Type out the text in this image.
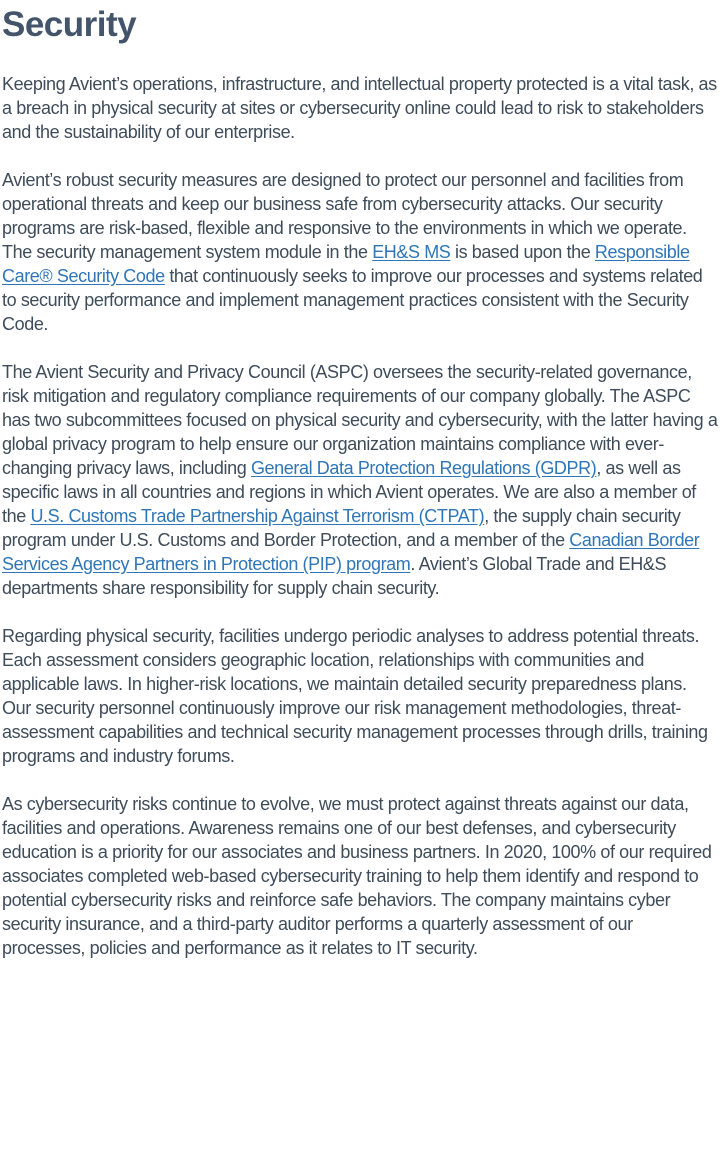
Security

Keeping Avient’s operations, infrastructure, and intellectual property protected is a vital task, as a breach in physical security at sites or cybersecurity online could lead to risk to stakeholders and the sustainability of our enterprise.

Avient’s robust security measures are designed to protect our personnel and facilities from operational threats and keep our business safe from cybersecurity attacks. Our security programs are risk-based, flexible and responsive to the environments in which we operate. The security management system module in the EH&S MS is based upon the Responsible Care® Security Code that continuously seeks to improve our processes and systems related to security performance and implement management practices consistent with the Security Code.

The Avient Security and Privacy Council (ASPC) oversees the security-related governance, risk mitigation and regulatory compliance requirements of our company globally. The ASPC has two subcommittees focused on physical security and cybersecurity, with the latter having a global privacy program to help ensure our organization maintains compliance with ever-changing privacy laws, including General Data Protection Regulations (GDPR), as well as specific laws in all countries and regions in which Avient operates. We are also a member of the U.S. Customs Trade Partnership Against Terrorism (CTPAT), the supply chain security program under U.S. Customs and Border Protection, and a member of the Canadian Border Services Agency Partners in Protection (PIP) program. Avient’s Global Trade and EH&S departments share responsibility for supply chain security.

Regarding physical security, facilities undergo periodic analyses to address potential threats. Each assessment considers geographic location, relationships with communities and applicable laws. In higher-risk locations, we maintain detailed security preparedness plans. Our security personnel continuously improve our risk management methodologies, threat-assessment capabilities and technical security management processes through drills, training programs and industry forums.

As cybersecurity risks continue to evolve, we must protect against threats against our data, facilities and operations. Awareness remains one of our best defenses, and cybersecurity education is a priority for our associates and business partners. In 2020, 100% of our required associates completed web-based cybersecurity training to help them identify and respond to potential cybersecurity risks and reinforce safe behaviors. The company maintains cyber security insurance, and a third-party auditor performs a quarterly assessment of our processes, policies and performance as it relates to IT security.
